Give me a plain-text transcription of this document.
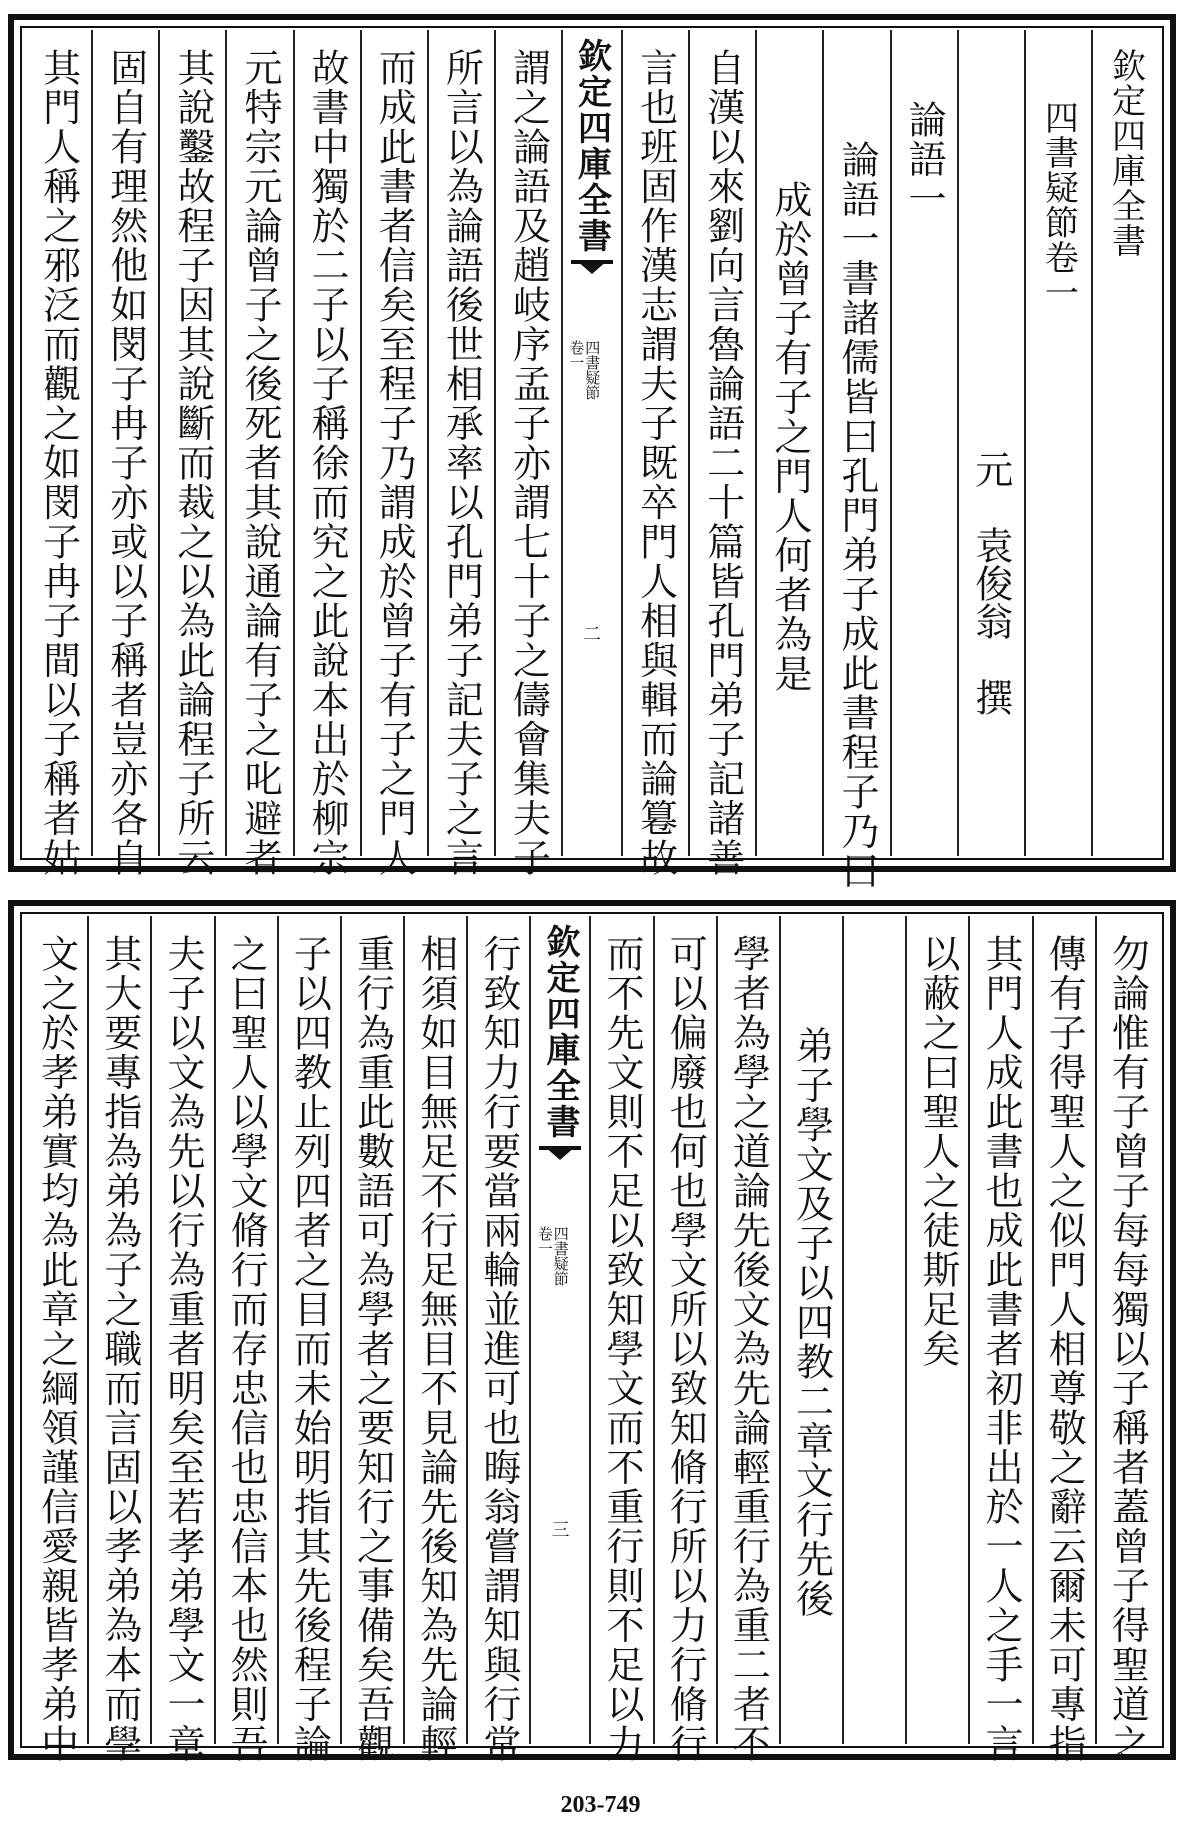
欽定四庫全書
四書疑節卷一
元　袁俊翁　撰
論語一
論語一書諸儒皆曰孔門弟子成此書程子乃曰
成於曾子有子之門人何者為是
自漢以來劉向言魯論語二十篇皆孔門弟子記諸善
言也班固作漢志謂夫子既卒門人相與輯而論篹故
欽定四庫全書
四書疑節
卷一
二
謂之論語及趙岐序孟子亦謂七十子之儔會集夫子
所言以為論語後世相承率以孔門弟子記夫子之言
而成此書者信矣至程子乃謂成於曾子有子之門人
故書中獨於二子以子稱徐而究之此說本出於柳宗
元特宗元論曾子之後死者其說通論有子之叱避者
其說鑿故程子因其說斷而裁之以為此論程子所云
固自有理然他如閔子冉子亦或以子稱者豈亦各自
其門人稱之邪泛而觀之如閔子冉子間以子稱者姑
勿論惟有子曾子每每獨以子稱者蓋曾子得聖道之
傳有子得聖人之似門人相尊敬之辭云爾未可專指
其門人成此書也成此書者初非出於一人之手一言
以蔽之曰聖人之徒斯足矣
弟子學文及子以四教二章文行先後
學者為學之道論先後文為先論輕重行為重二者不
可以偏廢也何也學文所以致知脩行所以力行脩行
而不先文則不足以致知學文而不重行則不足以力
欽定四庫全書
四書疑節
卷一
三
行致知力行要當兩輪並進可也晦翁嘗謂知與行常
相須如目無足不行足無目不見論先後知為先論輕
重行為重此數語可為學者之要知行之事備矣吾觀
子以四教止列四者之目而未始明指其先後程子論
之曰聖人以學文脩行而存忠信也忠信本也然則吾
夫子以文為先以行為重者明矣至若孝弟學文一章
其大要專指為弟為子之職而言固以孝弟為本而學
文之於孝弟實均為此章之綱領謹信愛親皆孝弟中
203-749
